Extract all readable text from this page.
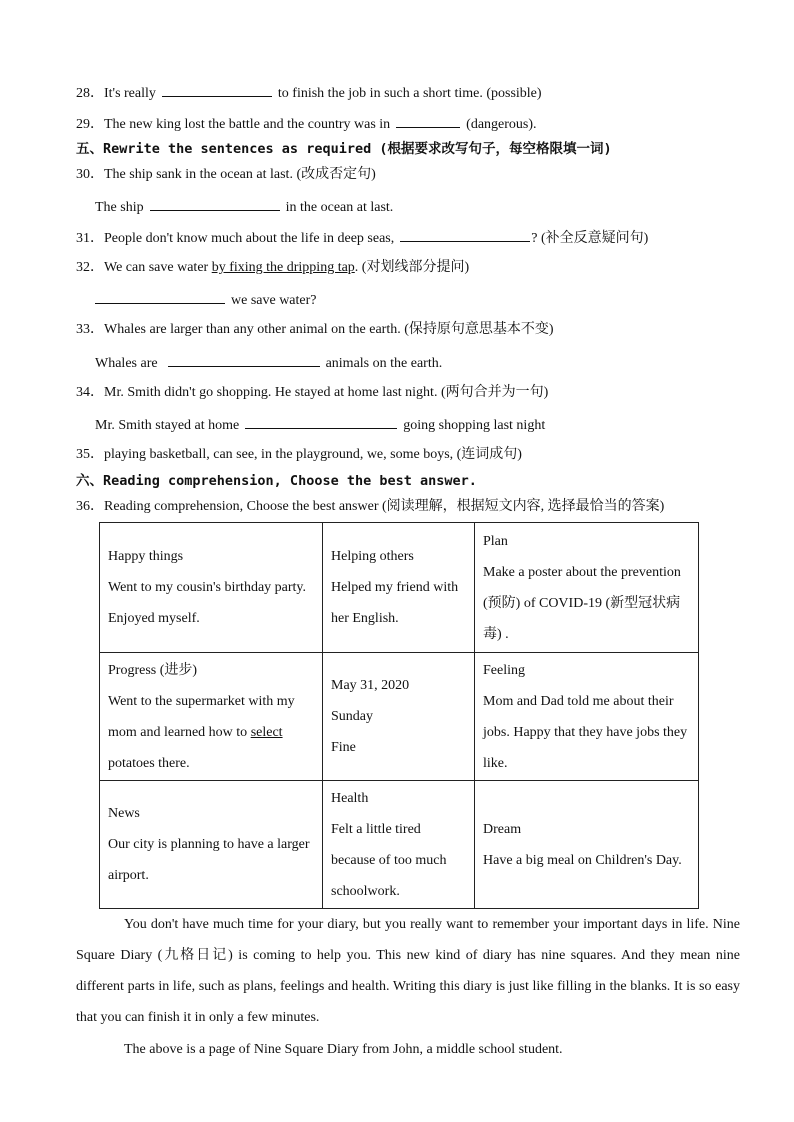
28．It's really	to finish the job in such a short time. (possible)
29．The new king lost the battle and the country was in	(dangerous).
五、Rewrite the sentences as required (根据要求改写句子，每空格限填一词)
30．The ship sank in the ocean at last. (改成否定句)
The ship	in the ocean at last.
31．People don't know much about the life in deep seas,	? (补全反意疑问句)
32．We can save water by fixing the dripping tap. (对划线部分提问)
we save water?
33．Whales are larger than any other animal on the earth. (保持原句意思基本不变)
Whales are	animals on the earth.
34．Mr. Smith didn't go shopping. He stayed at home last night. (两句合并为一句)
Mr. Smith stayed at home	going shopping last night
35．playing basketball, can see, in the playground, we, some boys, (连词成句)
六、Reading comprehension, Choose the best answer.
36．Reading comprehension, Choose the best answer (阅读理解，根据短文内容, 选择最恰当的答案)
Happy things
Went to my cousin's birthday party.
Enjoyed myself.	Helping others
Helped my friend with
her English.	Plan
Make a poster about the prevention
(预防) of COVID-19 (新型冠状病
毒) .

Progress (进步)
Went to the supermarket with my
mom and learned how to select
potatoes there.	May 31, 2020
Sunday
Fine	Feeling
Mom and Dad told me about their
jobs. Happy that they have jobs they
like.

News
Our city is planning to have a larger
airport.	Health
Felt a little tired
because of too much
schoolwork.	Dream
Have a big meal on Children's Day.
You don't have much time for your diary, but you really want to remember your important days in life. Nine Square Diary (九格日记) is coming to help you. This new kind of diary has nine squares. And they mean nine different parts in life, such as plans, feelings and health. Writing this diary is just like filling in the blanks. It is so easy that you can finish it in only a few minutes.
The above is a page of Nine Square Diary from John, a middle school student.
